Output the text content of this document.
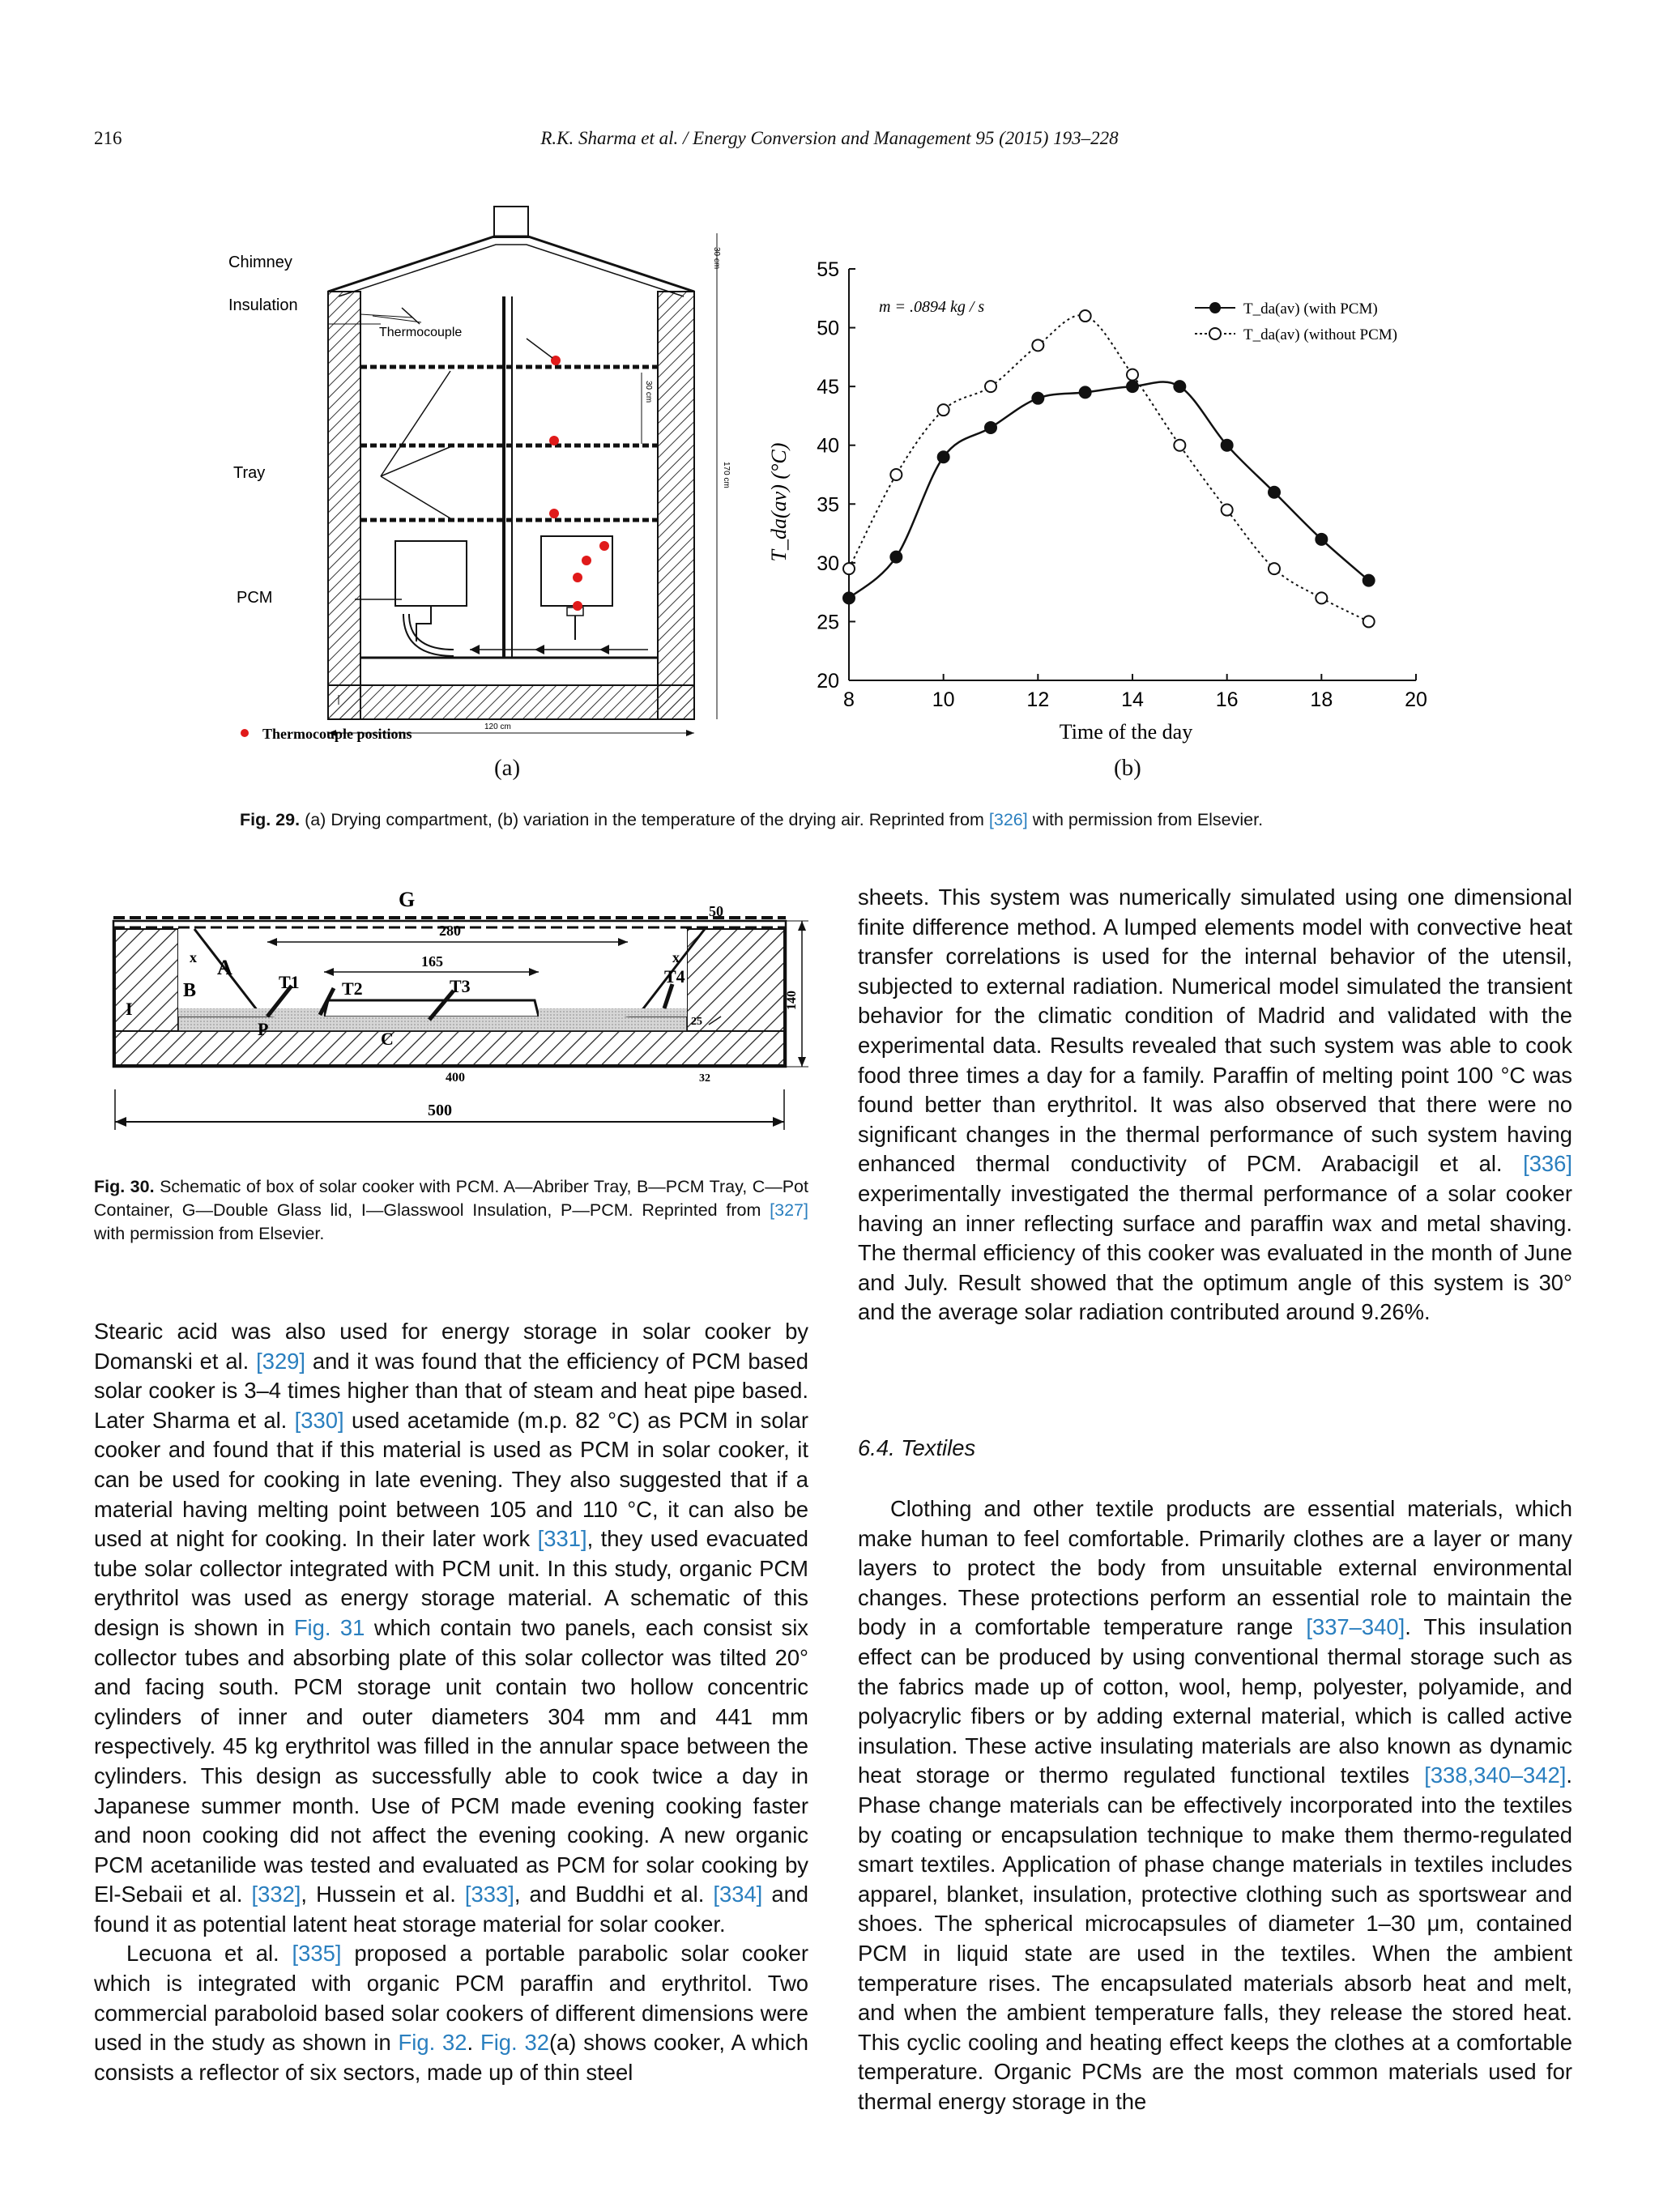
216	R.K. Sharma et al. / Energy Conversion and Management 95 (2015) 193–228
Chimney
Insulation
Thermocouple
Tray
PCM
30 cm
30 cm
170 cm
120 cm
Thermocouple positions
(a)
20
25
30
35
40
45
50
55
8	10	12	14	16	18	20
m = .0894 kg / s	T_da(av) (with PCM)
T_da(av) (without PCM)
Time of the day
T_da(av) (°C)
(b)
Fig. 29. (a) Drying compartment, (b) variation in the temperature of the drying air. Reprinted from [326] with permission from Elsevier.
G
A
B
I
x	x
T1 T2	T3	T4
P	C
50
280
165
140
400
500
25
32
Fig. 30. Schematic of box of solar cooker with PCM. A—Abriber Tray, B—PCM Tray, C—Pot Container, G—Double Glass lid, I—Glasswool Insulation, P—PCM. Reprinted from [327] with permission from Elsevier.

Stearic acid was also used for energy storage in solar cooker by Domanski et al. [329] and it was found that the efficiency of PCM based solar cooker is 3–4 times higher than that of steam and heat pipe based. Later Sharma et al. [330] used acetamide (m.p. 82 °C) as PCM in solar cooker and found that if this material is used as PCM in solar cooker, it can be used for cooking in late evening. They also suggested that if a material having melting point between 105 and 110 °C, it can also be used at night for cooking. In their later work [331], they used evacuated tube solar collector integrated with PCM unit. In this study, organic PCM erythritol was used as energy storage material. A schematic of this design is shown in Fig. 31 which contain two panels, each consist six collector tubes and absorbing plate of this solar collector was tilted 20° and facing south. PCM storage unit contain two hollow concentric cylinders of inner and outer diameters 304 mm and 441 mm respectively. 45 kg erythritol was filled in the annular space between the cylinders. This design as successfully able to cook twice a day in Japanese summer month. Use of PCM made evening cooking faster and noon cooking did not affect the evening cooking. A new organic PCM acetanilide was tested and evaluated as PCM for solar cooking by El-Sebaii et al. [332], Hussein et al. [333], and Buddhi et al. [334] and found it as potential latent heat storage material for solar cooker.

Lecuona et al. [335] proposed a portable parabolic solar cooker which is integrated with organic PCM paraffin and erythritol. Two commercial paraboloid based solar cookers of different dimensions were used in the study as shown in Fig. 32. Fig. 32(a) shows cooker, A which consists a reflector of six sectors, made up of thin steel

sheets. This system was numerically simulated using one dimensional finite difference method. A lumped elements model with convective heat transfer correlations is used for the internal behavior of the utensil, subjected to external radiation. Numerical model simulated the transient behavior for the climatic condition of Madrid and validated with the experimental data. Results revealed that such system was able to cook food three times a day for a family. Paraffin of melting point 100 °C was found better than erythritol. It was also observed that there were no significant changes in the thermal performance of such system having enhanced thermal conductivity of PCM. Arabacigil et al. [336] experimentally investigated the thermal performance of a solar cooker having an inner reflecting surface and paraffin wax and metal shaving. The thermal efficiency of this cooker was evaluated in the month of June and July. Result showed that the optimum angle of this system is 30° and the average solar radiation contributed around 9.26%.

6.4. Textiles

Clothing and other textile products are essential materials, which make human to feel comfortable. Primarily clothes are a layer or many layers to protect the body from unsuitable external environmental changes. These protections perform an essential role to maintain the body in a comfortable temperature range [337–340]. This insulation effect can be produced by using conventional thermal storage such as the fabrics made up of cotton, wool, hemp, polyester, polyamide, and polyacrylic fibers or by adding external material, which is called active insulation. These active insulating materials are also known as dynamic heat storage or thermo regulated functional textiles [338,340–342]. Phase change materials can be effectively incorporated into the textiles by coating or encapsulation technique to make them thermo-regulated smart textiles. Application of phase change materials in textiles includes apparel, blanket, insulation, protective clothing such as sportswear and shoes. The spherical microcapsules of diameter 1–30 μm, contained PCM in liquid state are used in the textiles. When the ambient temperature rises. The encapsulated materials absorb heat and melt, and when the ambient temperature falls, they release the stored heat. This cyclic cooling and heating effect keeps the clothes at a comfortable temperature. Organic PCMs are the most common materials used for thermal energy storage in the
